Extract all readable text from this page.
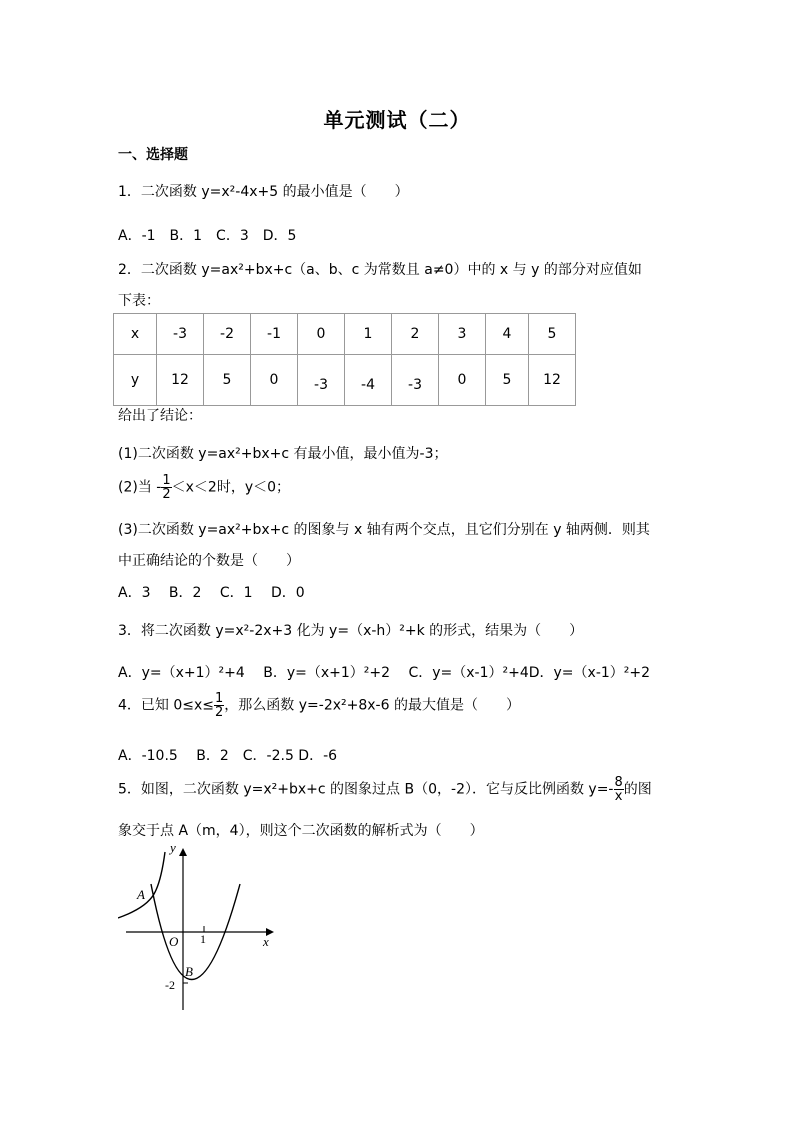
单元测试（二）
一、选择题
1．二次函数 y=x²-4x+5 的最小值是（　　）
A．-1　B．1　C．3　D．5
2．二次函数 y=ax²+bx+c（a、b、c 为常数且 a≠0）中的 x 与 y 的部分对应值如
下表：
x	-3	-2	-1	0	1	2	3	4	5
y	12	5	0	-3	-4	-3	0	5	12
给出了结论：
(1)二次函数 y=ax²+bx+c 有最小值，最小值为-3；
(2)当 - $\frac{1}{2} <x<2$时，y＜0；
(3)二次函数 y=ax²+bx+c 的图象与 x 轴有两个交点，且它们分别在 y 轴两侧．则其
中正确结论的个数是（　　）
A．3　 B．2　 C．1　 D．0
3．将二次函数 y=x²-2x+3 化为 y=（x-h）²+k 的形式，结果为（　　）
A．y=（x+1）²+4　 B．y=（x+1）²+2　 C．y=（x-1）²+4D．y=（x-1）²+2
4．已知 $0\le x\le \frac{1}{2}$ ，那么函数 y=-2x²+8x-6 的最大值是（　　）
A．-10.5　 B．2　C．-2.5 D．-6
5．如图，二次函数 y=x²+bx+c 的图象过点 B（0，-2）．它与反比例函数 $y=- \frac{8}{x}$ 的图
象交于点 A（m，4），则这个二次函数的解析式为（　　）
y
x
O 1
A
B
-2
